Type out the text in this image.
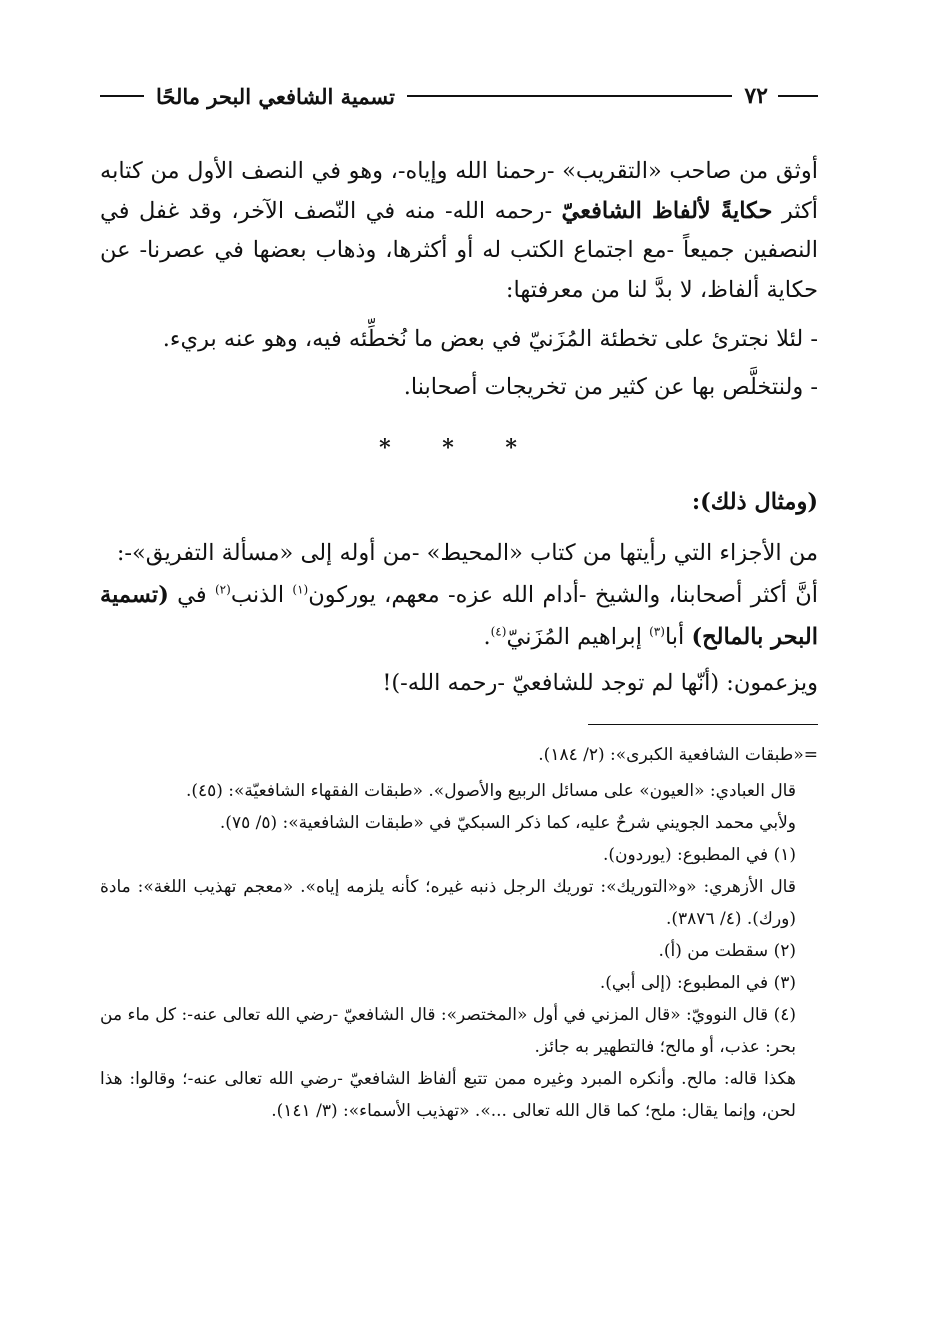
٧٢
تسمية الشافعي البحر مالحًا

أوثق من صاحب «التقريب» -رحمنا الله وإياه-، وهو في النصف الأول من كتابه أكثر حكايةً لألفاظ الشافعيّ -رحمه الله- منه في النّصف الآخر، وقد غفل في النصفين جميعاً -مع اجتماع الكتب له أو أكثرها، وذهاب بعضها في عصرنا- عن حكاية ألفاظ، لا بدَّ لنا من معرفتها:

- لئلا نجترئ على تخطئة المُزَنيّ في بعض ما نُخطِّئه فيه، وهو عنه بريء.

- ولنتخلَّص بها عن كثير من تخريجات أصحابنا.

* * *
(ومثال ذلك):

من الأجزاء التي رأيتها من كتاب «المحيط» -من أوله إلى «مسألة التفريق»-:

أنَّ أكثر أصحابنا، والشيخ -أدام الله عزه- معهم، يوركون$^{(١)}$ الذنب$^{(٢)}$ في (تسمية البحر بالمالح) أبا$^{(٣)}$ إبراهيم المُزَنيّ$^{(٤)}$.

ويزعمون: (أنّها لم توجد للشافعيّ -رحمه الله-)!

=«طبقات الشافعية الكبرى»: (٢/ ١٨٤).

قال العبادي: «العيون» على مسائل الربيع والأصول». «طبقات الفقهاء الشافعيّة»: (٤٥).

ولأبي محمد الجويني شرحٌ عليه، كما ذكر السبكيّ في «طبقات الشافعية»: (٥/ ٧٥).

(١) في المطبوع: (يوردون).

قال الأزهري: «و«التوريك»: توريك الرجل ذنبه غيره؛ كأنه يلزمه إياه». «معجم تهذيب اللغة»: مادة (ورك). (٤/ ٣٨٧٦).

(٢) سقطت من (أ).

(٣) في المطبوع: (إلى أبي).

(٤) قال النوويّ: «قال المزني في أول «المختصر»: قال الشافعيّ -رضي الله تعالى عنه-: كل ماء من بحر: عذب، أو مالح؛ فالتطهير به جائز.

هكذا قاله: مالح. وأنكره المبرد وغيره ممن تتبع ألفاظ الشافعيّ -رضي الله تعالى عنه-؛ وقالوا: هذا لحن، وإنما يقال: ملح؛ كما قال الله تعالى ...». «تهذيب الأسماء»: (٣/ ١٤١).
